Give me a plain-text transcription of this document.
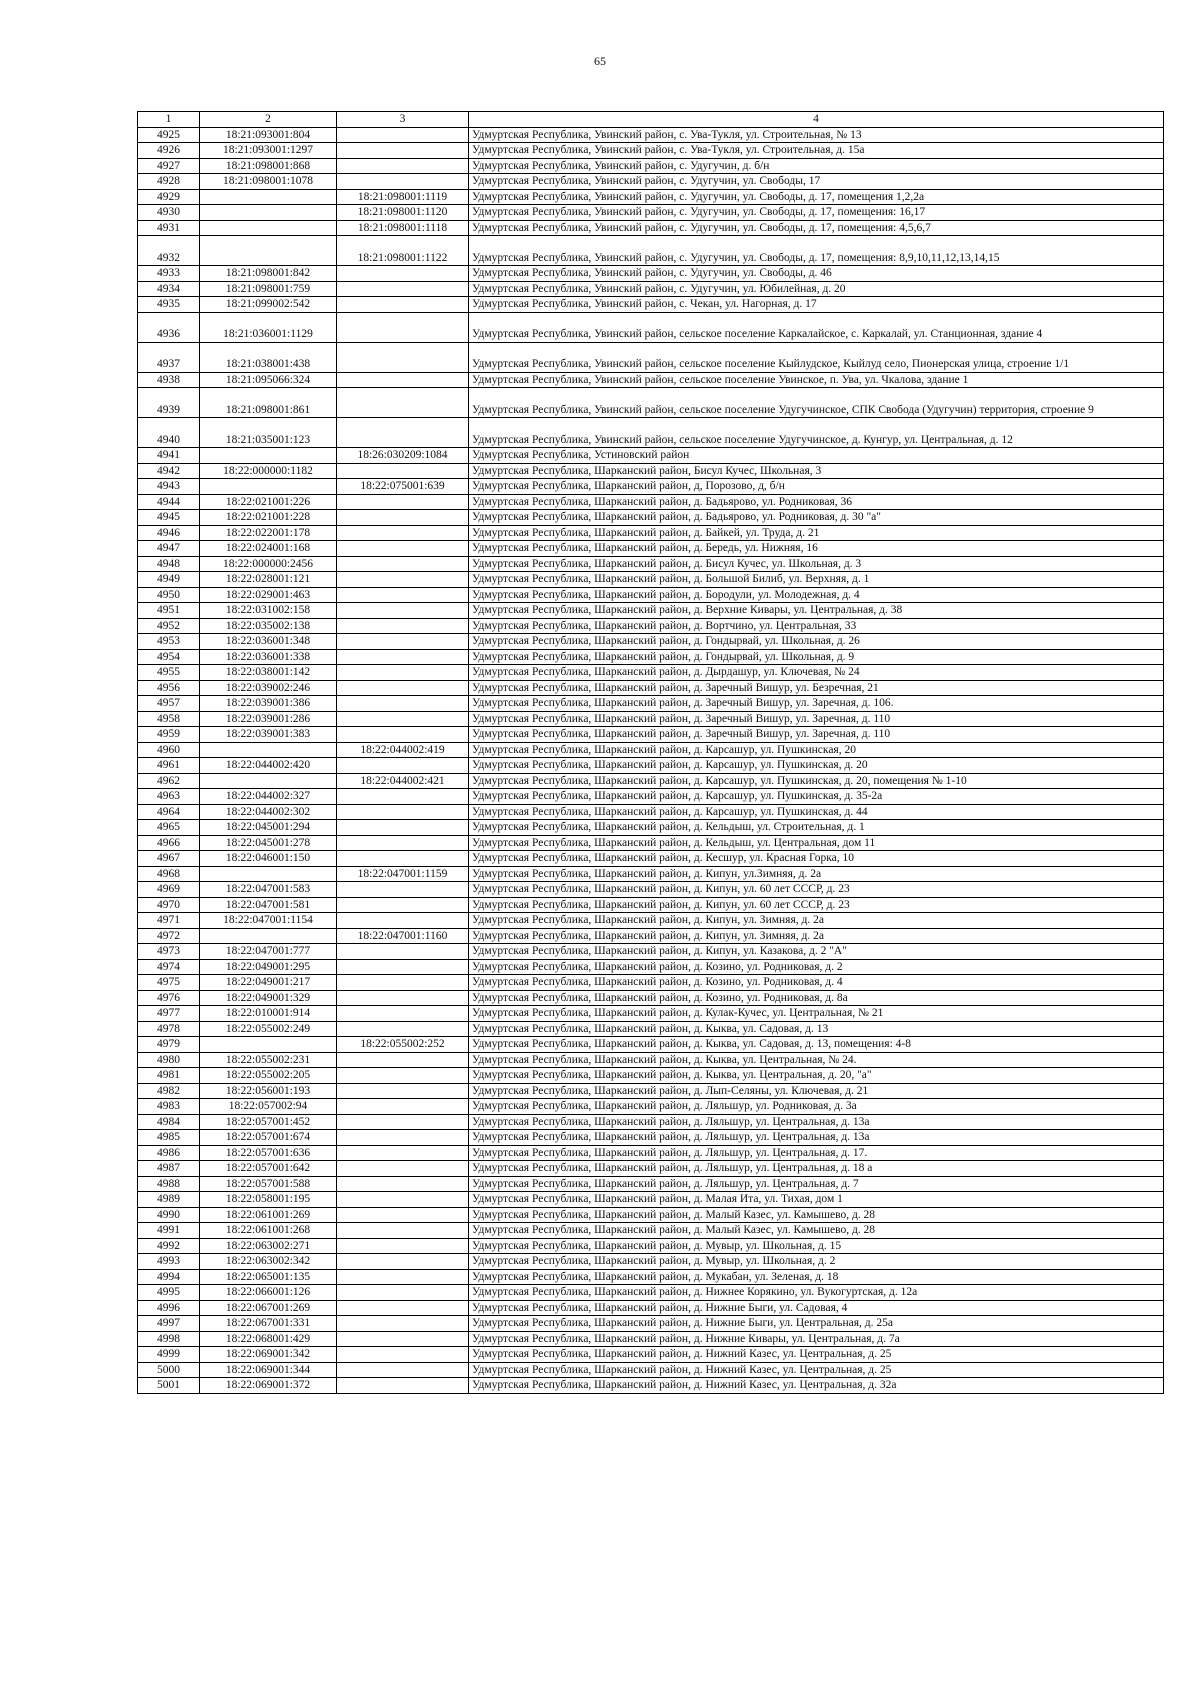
65
1	2	3	4
4925	18:21:093001:804		Удмуртская Республика, Увинский район, с. Ува-Тукля, ул. Строительная, № 13
4926	18:21:093001:1297		Удмуртская Республика, Увинский район, с. Ува-Тукля, ул. Строительная, д. 15а
4927	18:21:098001:868		Удмуртская Республика, Увинский район, с. Удугучин, д. б/н
4928	18:21:098001:1078		Удмуртская Республика, Увинский район, с. Удугучин, ул. Свободы, 17
4929		18:21:098001:1119	Удмуртская Республика, Увинский район, с. Удугучин, ул. Свободы, д. 17, помещения 1,2,2а
4930		18:21:098001:1120	Удмуртская Республика, Увинский район, с. Удугучин, ул. Свободы, д. 17, помещения: 16,17
4931		18:21:098001:1118	Удмуртская Республика, Увинский район, с. Удугучин, ул. Свободы, д. 17, помещения: 4,5,6,7
4932		18:21:098001:1122	Удмуртская Республика, Увинский район, с. Удугучин, ул. Свободы, д. 17, помещения: 8,9,10,11,12,13,14,15
4933	18:21:098001:842		Удмуртская Республика, Увинский район, с. Удугучин, ул. Свободы, д. 46
4934	18:21:098001:759		Удмуртская Республика, Увинский район, с. Удугучин, ул. Юбилейная, д. 20
4935	18:21:099002:542		Удмуртская Республика, Увинский район, с. Чекан, ул. Нагорная, д. 17
4936	18:21:036001:1129		Удмуртская Республика, Увинский район, сельское поселение Каркалайское, с. Каркалай, ул. Станционная, здание 4
4937	18:21:038001:438		Удмуртская Республика, Увинский район, сельское поселение Кыйлудское, Кыйлуд село, Пионерская улица, строение 1/1
4938	18:21:095066:324		Удмуртская Республика, Увинский район, сельское поселение Увинское, п. Ува, ул. Чкалова, здание 1
4939	18:21:098001:861		Удмуртская Республика, Увинский район, сельское поселение Удугучинское, СПК Свобода (Удугучин) территория, строение 9
4940	18:21:035001:123		Удмуртская Республика, Увинский район, сельское поселение Удугучинское, д. Кунгур, ул. Центральная, д. 12
4941		18:26:030209:1084	Удмуртская Республика, Устиновский район
4942	18:22:000000:1182		Удмуртская Республика, Шарканский район, Бисул Кучес, Школьная, 3
4943		18:22:075001:639	Удмуртская Республика, Шарканский район, д, Порозово, д, б/н
4944	18:22:021001:226		Удмуртская Республика, Шарканский район, д. Бадьярово, ул. Родниковая, 36
4945	18:22:021001:228		Удмуртская Республика, Шарканский район, д. Бадьярово, ул. Родниковая, д. 30 "а"
4946	18:22:022001:178		Удмуртская Республика, Шарканский район, д. Байкей, ул. Труда, д. 21
4947	18:22:024001:168		Удмуртская Республика, Шарканский район, д. Бередь, ул. Нижняя, 16
4948	18:22:000000:2456		Удмуртская Республика, Шарканский район, д. Бисул Кучес, ул. Школьная, д. 3
4949	18:22:028001:121		Удмуртская Республика, Шарканский район, д. Большой Билиб, ул. Верхняя, д. 1
4950	18:22:029001:463		Удмуртская Республика, Шарканский район, д. Бородули, ул. Молодежная, д. 4
4951	18:22:031002:158		Удмуртская Республика, Шарканский район, д. Верхние Кивары, ул. Центральная, д. 38
4952	18:22:035002:138		Удмуртская Республика, Шарканский район, д. Вортчино, ул. Центральная, 33
4953	18:22:036001:348		Удмуртская Республика, Шарканский район, д. Гондырвай, ул. Школьная, д. 26
4954	18:22:036001:338		Удмуртская Республика, Шарканский район, д. Гондырвай, ул. Школьная, д. 9
4955	18:22:038001:142		Удмуртская Республика, Шарканский район, д. Дырдашур, ул. Ключевая, № 24
4956	18:22:039002:246		Удмуртская Республика, Шарканский район, д. Заречный Вишур, ул. Безречная, 21
4957	18:22:039001:386		Удмуртская Республика, Шарканский район, д. Заречный Вишур, ул. Заречная, д. 106.
4958	18:22:039001:286		Удмуртская Республика, Шарканский район, д. Заречный Вишур, ул. Заречная, д. 110
4959	18:22:039001:383		Удмуртская Республика, Шарканский район, д. Заречный Вишур, ул. Заречная, д. 110
4960		18:22:044002:419	Удмуртская Республика, Шарканский район, д. Карсашур, ул. Пушкинская, 20
4961	18:22:044002:420		Удмуртская Республика, Шарканский район, д. Карсашур, ул. Пушкинская, д. 20
4962		18:22:044002:421	Удмуртская Республика, Шарканский район, д. Карсашур, ул. Пушкинская, д. 20, помещения № 1-10
4963	18:22:044002:327		Удмуртская Республика, Шарканский район, д. Карсашур, ул. Пушкинская, д. 35-2а
4964	18:22:044002:302		Удмуртская Республика, Шарканский район, д. Карсашур, ул. Пушкинская, д. 44
4965	18:22:045001:294		Удмуртская Республика, Шарканский район, д. Кельдыш, ул. Строительная, д. 1
4966	18:22:045001:278		Удмуртская Республика, Шарканский район, д. Кельдыш, ул. Центральная, дом 11
4967	18:22:046001:150		Удмуртская Республика, Шарканский район, д. Кесшур, ул. Красная Горка, 10
4968		18:22:047001:1159	Удмуртская Республика, Шарканский район, д. Кипун, ул.Зимняя, д. 2а
4969	18:22:047001:583		Удмуртская Республика, Шарканский район, д. Кипун, ул. 60 лет СССР, д. 23
4970	18:22:047001:581		Удмуртская Республика, Шарканский район, д. Кипун, ул. 60 лет СССР, д. 23
4971	18:22:047001:1154		Удмуртская Республика, Шарканский район, д. Кипун, ул. Зимняя, д. 2а
4972		18:22:047001:1160	Удмуртская Республика, Шарканский район, д. Кипун, ул. Зимняя, д. 2а
4973	18:22:047001:777		Удмуртская Республика, Шарканский район, д. Кипун, ул. Казакова, д. 2 "А"
4974	18:22:049001:295		Удмуртская Республика, Шарканский район, д. Козино, ул. Родниковая, д. 2
4975	18:22:049001:217		Удмуртская Республика, Шарканский район, д. Козино, ул. Родниковая, д. 4
4976	18:22:049001:329		Удмуртская Республика, Шарканский район, д. Козино, ул. Родниковая, д. 8а
4977	18:22:010001:914		Удмуртская Республика, Шарканский район, д. Кулак-Кучес, ул. Центральная, № 21
4978	18:22:055002:249		Удмуртская Республика, Шарканский район, д. Кыква, ул. Садовая, д. 13
4979		18:22:055002:252	Удмуртская Республика, Шарканский район, д. Кыква, ул. Садовая, д. 13, помещения: 4-8
4980	18:22:055002:231		Удмуртская Республика, Шарканский район, д. Кыква, ул. Центральная, № 24.
4981	18:22:055002:205		Удмуртская Республика, Шарканский район, д. Кыква, ул. Центральная, д. 20, "а"
4982	18:22:056001:193		Удмуртская Республика, Шарканский район, д. Лып-Селяны, ул. Ключевая, д. 21
4983	18:22:057002:94		Удмуртская Республика, Шарканский район, д. Ляльшур, ул. Родниковая, д. 3а
4984	18:22:057001:452		Удмуртская Республика, Шарканский район, д. Ляльшур, ул. Центральная, д. 13а
4985	18:22:057001:674		Удмуртская Республика, Шарканский район, д. Ляльшур, ул. Центральная, д. 13а
4986	18:22:057001:636		Удмуртская Республика, Шарканский район, д. Ляльшур, ул. Центральная, д. 17.
4987	18:22:057001:642		Удмуртская Республика, Шарканский район, д. Ляльшур, ул. Центральная, д. 18 а
4988	18:22:057001:588		Удмуртская Республика, Шарканский район, д. Ляльшур, ул. Центральная, д. 7
4989	18:22:058001:195		Удмуртская Республика, Шарканский район, д. Малая Ита, ул. Тихая, дом 1
4990	18:22:061001:269		Удмуртская Республика, Шарканский район, д. Малый Казес, ул. Камышево, д. 28
4991	18:22:061001:268		Удмуртская Республика, Шарканский район, д. Малый Казес, ул. Камышево, д. 28
4992	18:22:063002:271		Удмуртская Республика, Шарканский район, д. Мувыр, ул. Школьная, д. 15
4993	18:22:063002:342		Удмуртская Республика, Шарканский район, д. Мувыр, ул. Школьная, д. 2
4994	18:22:065001:135		Удмуртская Республика, Шарканский район, д. Мукабан, ул. Зеленая, д. 18
4995	18:22:066001:126		Удмуртская Республика, Шарканский район, д. Нижнее Корякино, ул. Вукогуртская, д. 12а
4996	18:22:067001:269		Удмуртская Республика, Шарканский район, д. Нижние Быги, ул. Садовая, 4
4997	18:22:067001:331		Удмуртская Республика, Шарканский район, д. Нижние Быги, ул. Центральная, д. 25а
4998	18:22:068001:429		Удмуртская Республика, Шарканский район, д. Нижние Кивары, ул. Центральная, д. 7а
4999	18:22:069001:342		Удмуртская Республика, Шарканский район, д. Нижний Казес, ул. Центральная, д. 25
5000	18:22:069001:344		Удмуртская Республика, Шарканский район, д. Нижний Казес, ул. Центральная, д. 25
5001	18:22:069001:372		Удмуртская Республика, Шарканский район, д. Нижний Казес, ул. Центральная, д. 32а
